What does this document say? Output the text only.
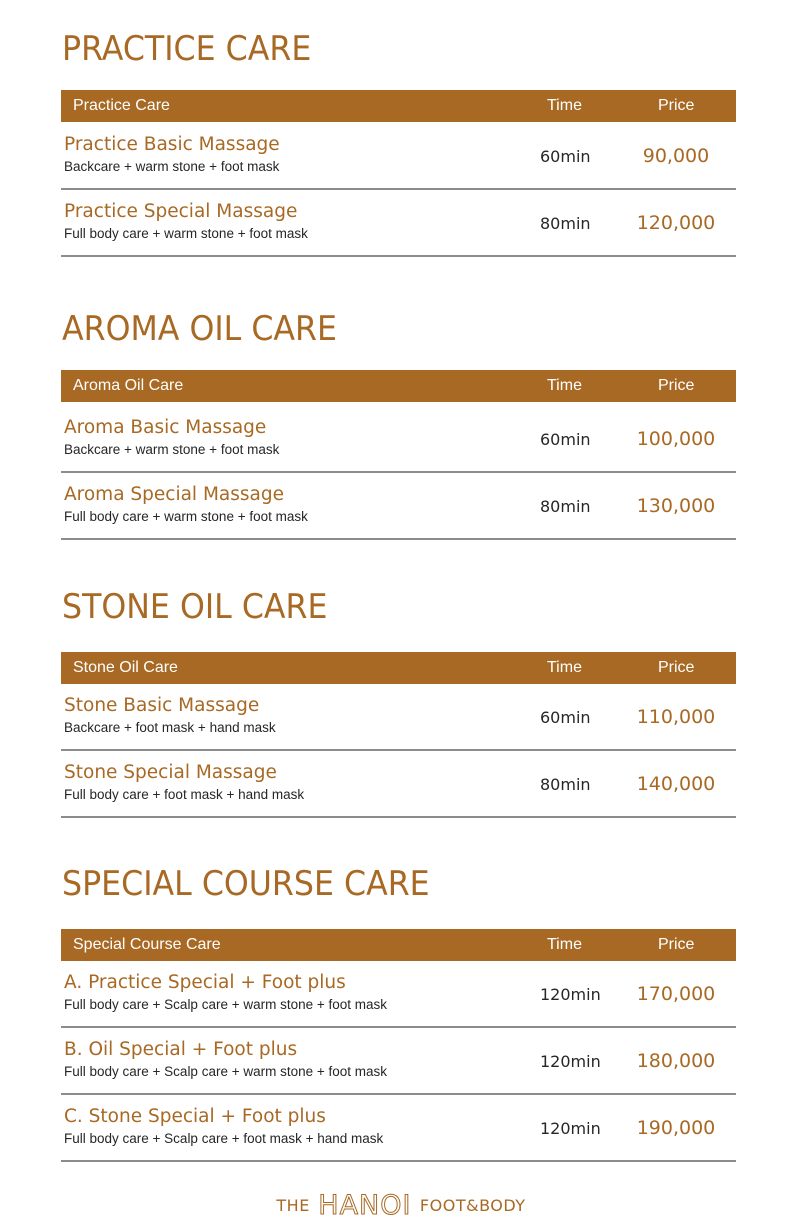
PRACTICE CARE
Practice Care	Time	Price
Practice Basic Massage
Backcare + warm stone + foot mask
60min	90,000
Practice Special Massage
Full body care + warm stone + foot mask
80min	120,000
AROMA OIL CARE
Aroma Oil Care	Time	Price
Aroma Basic Massage
Backcare + warm stone + foot mask
60min	100,000
Aroma Special Massage
Full body care + warm stone + foot mask
80min	130,000
STONE OIL CARE
Stone Oil Care	Time	Price
Stone Basic Massage
Backcare + foot mask + hand mask
60min	110,000
Stone Special Massage
Full body care + foot mask + hand mask
80min	140,000
SPECIAL COURSE CARE
Special Course Care	Time	Price
A. Practice Special + Foot plus
Full body care + Scalp care + warm stone + foot mask
120min	170,000
B. Oil Special + Foot plus
Full body care + Scalp care + warm stone + foot mask
120min	180,000
C. Stone Special + Foot plus
Full body care + Scalp care + foot mask + hand mask
120min	190,000
THE HANOI FOOT&BODY
